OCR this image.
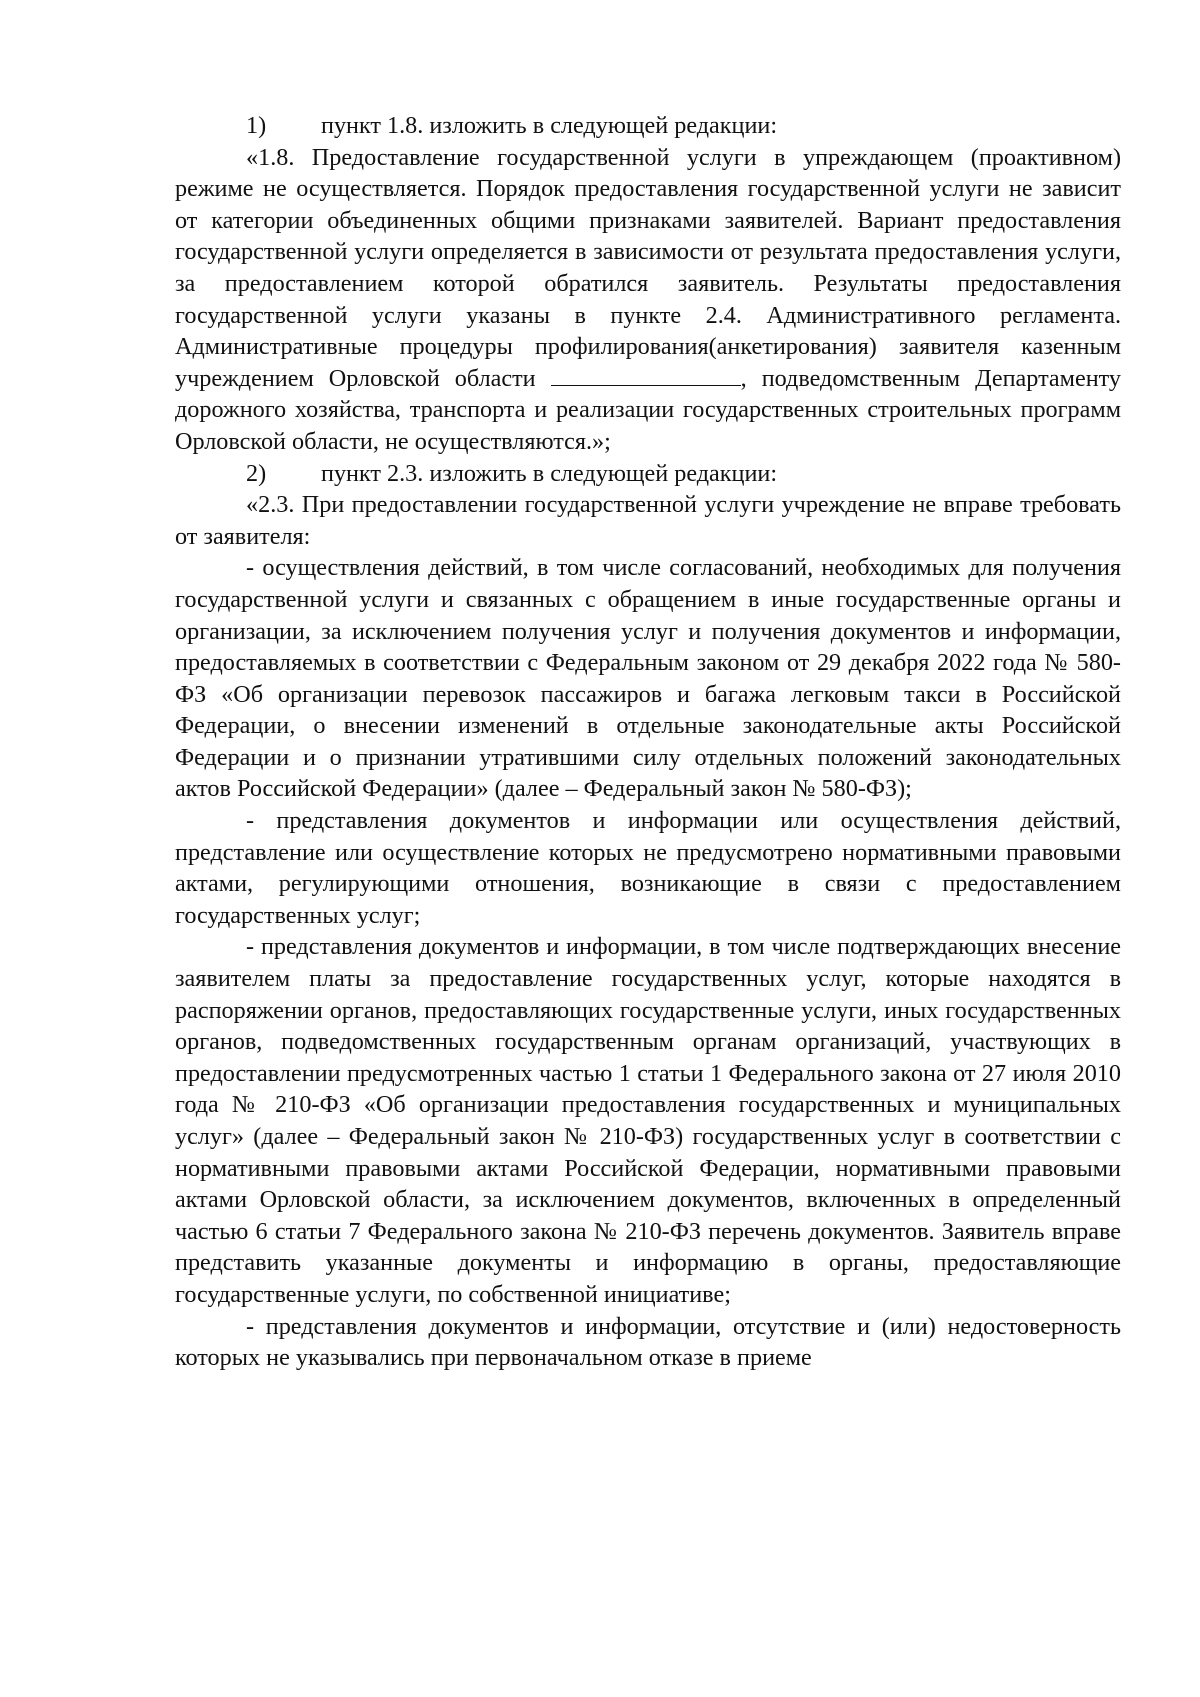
1) пункт 1.8. изложить в следующей редакции:

«1.8. Предоставление государственной услуги в упреждающем (проактивном) режиме не осуществляется. Порядок предоставления государственной услуги не зависит от категории объединенных общими признаками заявителей. Вариант предоставления государственной услуги определяется в зависимости от результата предоставления услуги, за предоставлением которой обратился заявитель. Результаты предоставления государственной услуги указаны в пункте 2.4. Административного регламента. Административные процедуры профилирования(анкетирования) заявителя казенным учреждением Орловской области	, подведомственным Департаменту дорожного хозяйства, транспорта и реализации государственных строительных программ Орловской области, не осуществляются.»;

2) пункт 2.3. изложить в следующей редакции:

«2.3. При предоставлении государственной услуги учреждение не вправе требовать от заявителя:

- осуществления действий, в том числе согласований, необходимых для получения государственной услуги и связанных с обращением в иные государственные органы и организации, за исключением получения услуг и получения документов и информации, предоставляемых в соответствии с Федеральным законом от 29 декабря 2022 года № 580-ФЗ «Об организации перевозок пассажиров и багажа легковым такси в Российской Федерации, о внесении изменений в отдельные законодательные акты Российской Федерации и о признании утратившими силу отдельных положений законодательных актов Российской Федерации» (далее – Федеральный закон № 580-ФЗ);

- представления документов и информации или осуществления действий, представление или осуществление которых не предусмотрено нормативными правовыми актами, регулирующими отношения, возникающие в связи с предоставлением государственных услуг;

- представления документов и информации, в том числе подтверждающих внесение заявителем платы за предоставление государственных услуг, которые находятся в распоряжении органов, предоставляющих государственные услуги, иных государственных органов, подведомственных государственным органам организаций, участвующих в предоставлении предусмотренных частью 1 статьи 1 Федерального закона от 27 июля 2010 года № 210-ФЗ «Об организации предоставления государственных и муниципальных услуг» (далее – Федеральный закон № 210-ФЗ) государственных услуг в соответствии с нормативными правовыми актами Российской Федерации, нормативными правовыми актами Орловской области, за исключением документов, включенных в определенный частью 6 статьи 7 Федерального закона № 210-ФЗ перечень документов. Заявитель вправе представить указанные документы и информацию в органы, предоставляющие государственные услуги, по собственной инициативе;

- представления документов и информации, отсутствие и (или) недостоверность которых не указывались при первоначальном отказе в приеме
